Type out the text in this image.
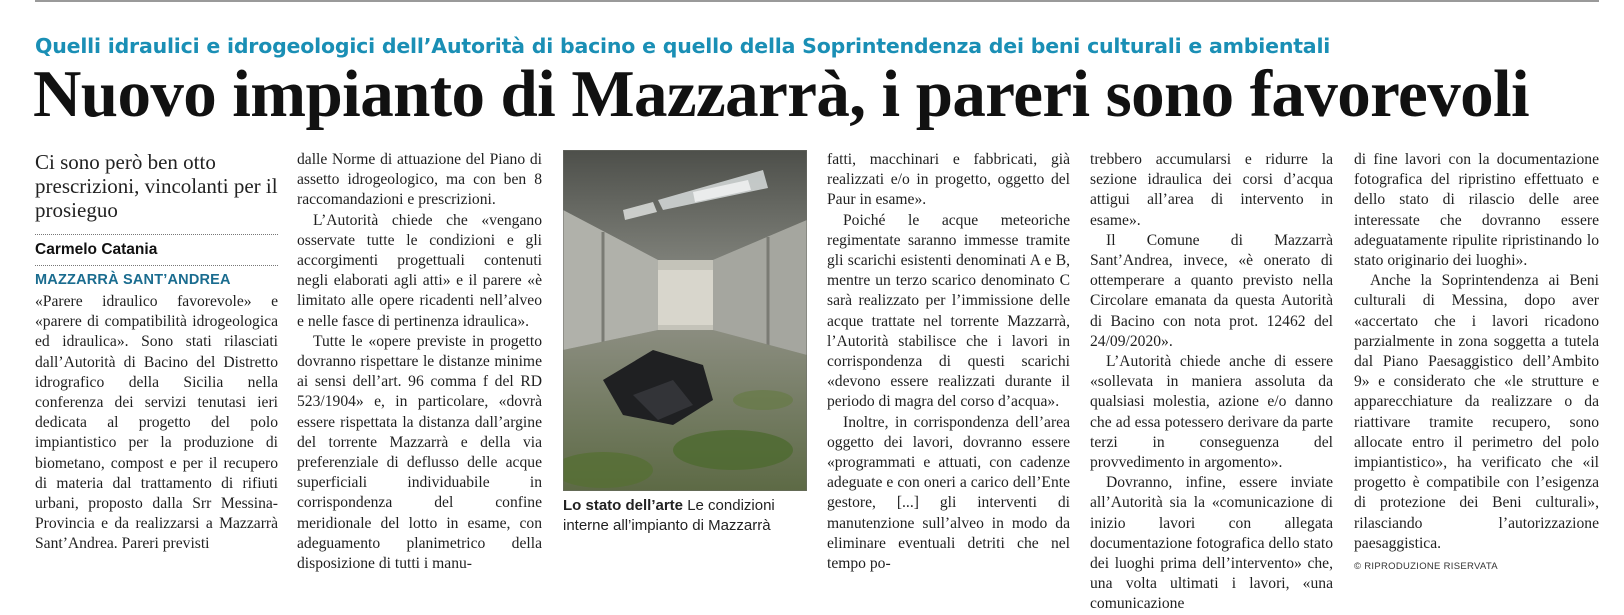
Quelli idraulici e idrogeologici dell’Autorità di bacino e quello della Soprintendenza dei beni culturali e ambientali
Nuovo impianto di Mazzarrà, i pareri sono favorevoli
Ci sono però ben otto prescrizioni, vincolanti per il prosieguo
Carmelo Catania
MAZZARRÀ SANT’ANDREA

«Parere idraulico favorevole» e «parere di compatibilità idrogeologica ed idraulica». Sono stati rilasciati dall’Autorità di Bacino del Distretto idrografico della Sicilia nella conferenza dei servizi tenutasi ieri dedicata al progetto del polo impiantistico per la produzione di biometano, compost e per il recupero di materia dal trattamento di rifiuti urbani, proposto dalla Srr Messina-Provincia e da realizzarsi a Mazzarrà Sant’Andrea. Pareri previsti

dalle Norme di attuazione del Piano di assetto idrogeologico, ma con ben 8 raccomandazioni e prescrizioni.

L’Autorità chiede che «vengano osservate tutte le condizioni e gli accorgimenti progettuali contenuti negli elaborati agli atti» e il parere «è limitato alle opere ricadenti nell’alveo e nelle fasce di pertinenza idraulica».

Tutte le «opere previste in progetto dovranno rispettare le distanze minime ai sensi dell’art. 96 comma f del RD 523/1904» e, in particolare, «dovrà essere rispettata la distanza dall’argine del torrente Mazzarrà e della via preferenziale di deflusso delle acque superficiali individuabile in corrispondenza del confine meridionale del lotto in esame, con adeguamento planimetrico della disposizione di tutti i manu-

Lo stato dell’arte Le condizioni interne all’impianto di Mazzarrà

fatti, macchinari e fabbricati, già realizzati e/o in progetto, oggetto del Paur in esame».

Poiché le acque meteoriche regimentate saranno immesse tramite gli scarichi esistenti denominati A e B, mentre un terzo scarico denominato C sarà realizzato per l’immissione delle acque trattate nel torrente Mazzarrà, l’Autorità stabilisce che i lavori in corrispondenza di questi scarichi «devono essere realizzati durante il periodo di magra del corso d’acqua».

Inoltre, in corrispondenza dell’area oggetto dei lavori, dovranno essere «programmati e attuati, con cadenze adeguate e con oneri a carico dell’Ente gestore, [...] gli interventi di manutenzione sull’alveo in modo da eliminare eventuali detriti che nel tempo po-

trebbero accumularsi e ridurre la sezione idraulica dei corsi d’acqua attigui all’area di intervento in esame».

Il Comune di Mazzarrà Sant’Andrea, invece, «è onerato di ottemperare a quanto previsto nella Circolare emanata da questa Autorità di Bacino con nota prot. 12462 del 24/09/2020».

L’Autorità chiede anche di essere «sollevata in maniera assoluta da qualsiasi molestia, azione e/o danno che ad essa potessero derivare da parte terzi in conseguenza del provvedimento in argomento».

Dovranno, infine, essere inviate all’Autorità sia la «comunicazione di inizio lavori con allegata documentazione fotografica dello stato dei luoghi prima dell’intervento» che, una volta ultimati i lavori, «una comunicazione

di fine lavori con la documentazione fotografica del ripristino effettuato e dello stato di rilascio delle aree interessate che dovranno essere adeguatamente ripulite ripristinando lo stato originario dei luoghi».

Anche la Soprintendenza ai Beni culturali di Messina, dopo aver «accertato che i lavori ricadono parzialmente in zona soggetta a tutela dal Piano Paesaggistico dell’Ambito 9» e considerato che «le strutture e apparecchiature da realizzare o da riattivare tramite recupero, sono allocate entro il perimetro del polo impiantistico», ha verificato che «il progetto è compatibile con l’esigenza di protezione dei Beni culturali», rilasciando l’autorizzazione paesaggistica.

© RIPRODUZIONE RISERVATA
